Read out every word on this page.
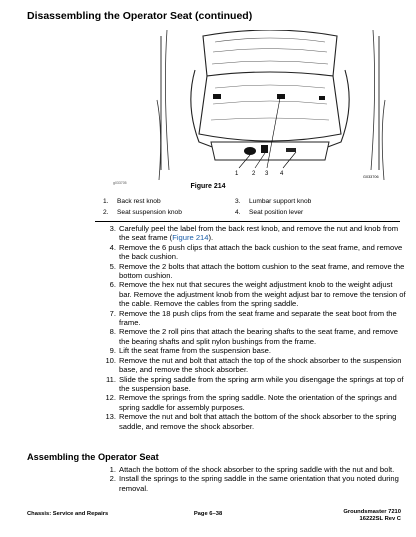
Disassembling the Operator Seat (continued)
1 2 3 4	G033706
g033705	Figure 214
1.	Back rest knob	3.	Lumbar support knob
2.	Seat suspension knob	4.	Seat position lever
3. Carefully peel the label from the back rest knob, and remove the nut and knob from the seat frame (Figure 214).
4. Remove the 6 push clips that attach the back cushion to the seat frame, and remove the back cushion.
5. Remove the 2 bolts that attach the bottom cushion to the seat frame, and remove the bottom cushion.
6. Remove the hex nut that secures the weight adjustment knob to the weight adjust bar. Remove the adjustment knob from the weight adjust bar to remove the tension of the cable. Remove the cables from the spring saddle.
7. Remove the 18 push clips from the seat frame and separate the seat boot from the frame.
8. Remove the 2 roll pins that attach the bearing shafts to the seat frame, and remove the bearing shafts and split nylon bushings from the frame.
9. Lift the seat frame from the suspension base.
10. Remove the nut and bolt that attach the top of the shock absorber to the suspension base, and remove the shock absorber.
11. Slide the spring saddle from the spring arm while you disengage the springs at top of the suspension base.
12. Remove the springs from the spring saddle. Note the orientation of the springs and spring saddle for assembly purposes.
13. Remove the nut and bolt that attach the bottom of the shock absorber to the spring saddle, and remove the shock absorber.
Assembling the Operator Seat
1. Attach the bottom of the shock absorber to the spring saddle with the nut and bolt.
2. Install the springs to the spring saddle in the same orientation that you noted during removal.
Chassis: Service and Repairs	Page 6–38	Groundsmaster 7210
16222SL Rev C
